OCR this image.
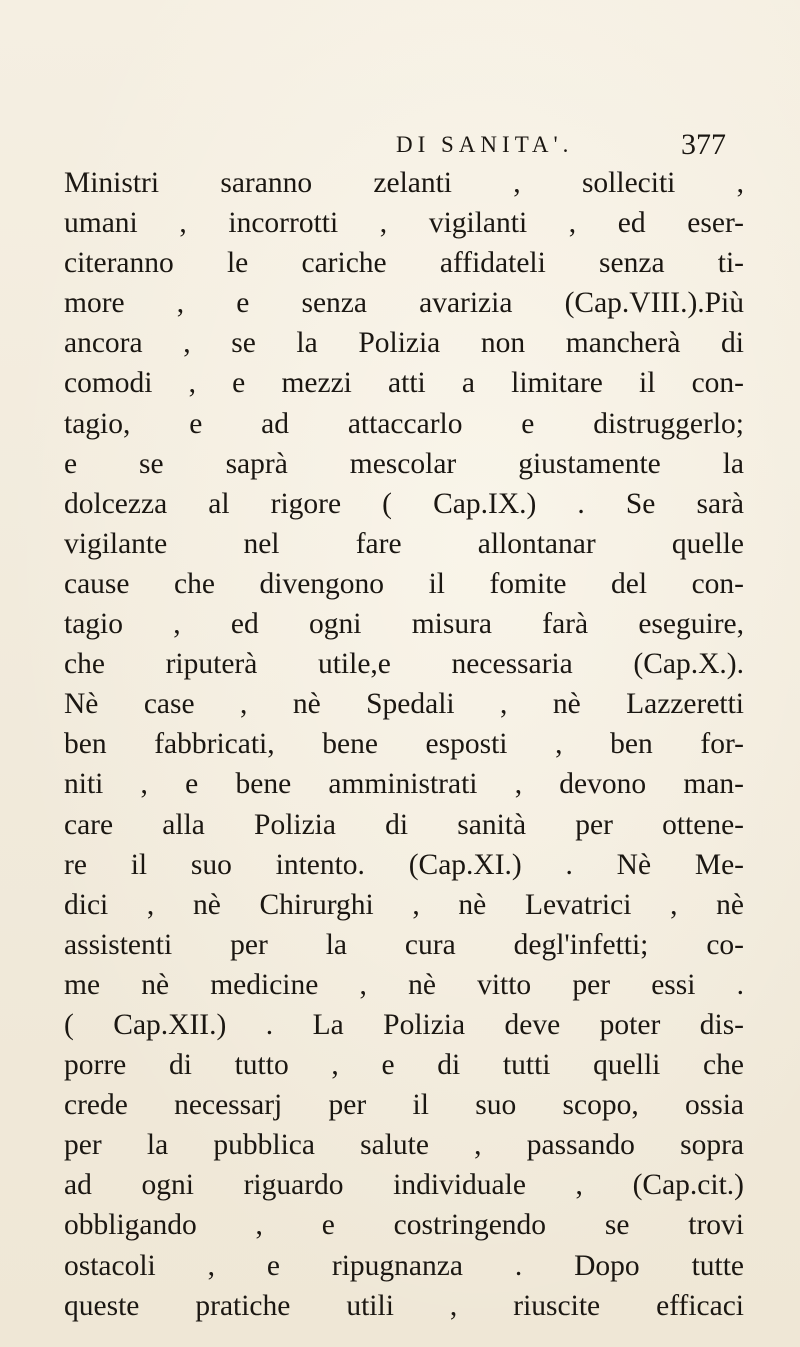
DI SANITA'.	377
Ministri saranno zelanti , solleciti ,
umani , incorrotti , vigilanti , ed eser-
citeranno le cariche affidateli senza ti-
more , e senza avarizia (Cap.VIII.).Più
ancora , se la Polizia non mancherà di
comodi , e mezzi atti a limitare il con-
tagio, e ad attaccarlo e distruggerlo;
e se saprà mescolar giustamente la
dolcezza al rigore ( Cap.IX.) . Se sarà
vigilante nel fare allontanar quelle
cause che divengono il fomite del con-
tagio , ed ogni misura farà eseguire,
che riputerà utile,e necessaria (Cap.X.).
Nè case , nè Spedali , nè Lazzeretti
ben fabbricati, bene esposti , ben for-
niti , e bene amministrati , devono man-
care alla Polizia di sanità per ottene-
re il suo intento. (Cap.XI.) . Nè Me-
dici , nè Chirurghi , nè Levatrici , nè
assistenti per la cura degl'infetti; co-
me nè medicine , nè vitto per essi .
( Cap.XII.) . La Polizia deve poter dis-
porre di tutto , e di tutti quelli che
crede necessarj per il suo scopo, ossia
per la pubblica salute , passando sopra
ad ogni riguardo individuale , (Cap.cit.)
obbligando , e costringendo se trovi
ostacoli , e ripugnanza . Dopo tutte
queste pratiche utili , riuscite efficaci
